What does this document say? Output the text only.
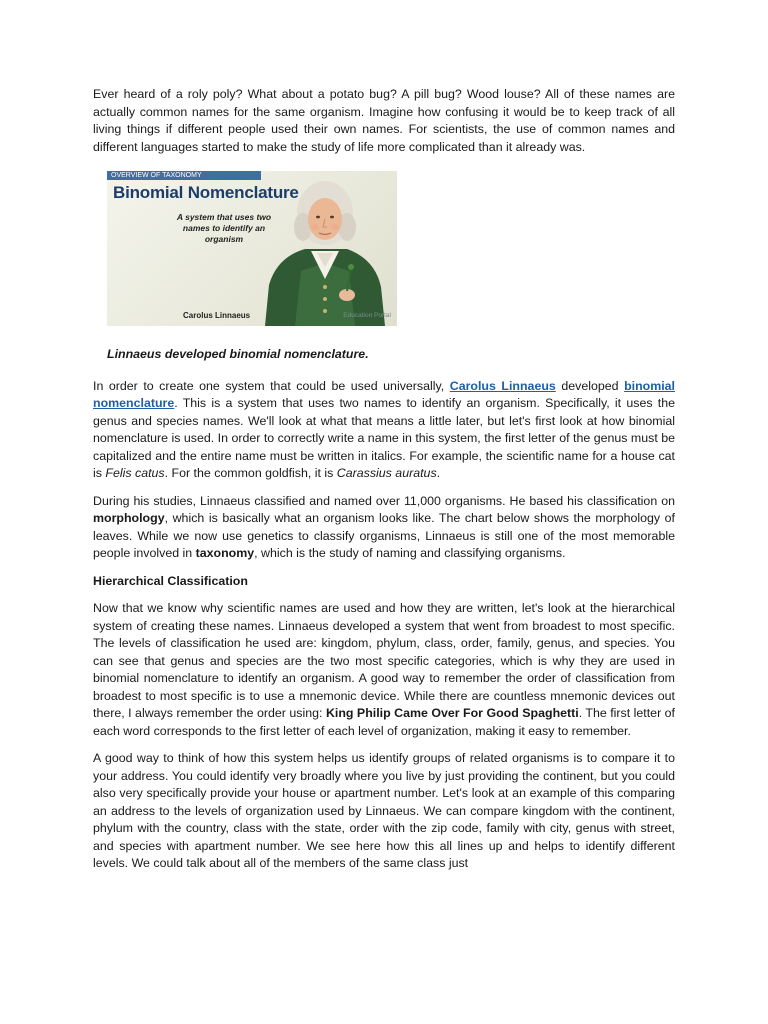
Ever heard of a roly poly? What about a potato bug? A pill bug? Wood louse? All of these names are actually common names for the same organism. Imagine how confusing it would be to keep track of all living things if different people used their own names. For scientists, the use of common names and different languages started to make the study of life more complicated than it already was.

OVERVIEW OF TAXONOMY
Binomial Nomenclature
A system that uses two names to identify an organism
Carolus Linnaeus	Education Portal
Linnaeus developed binomial nomenclature.

In order to create one system that could be used universally, Carolus Linnaeus developed binomial nomenclature. This is a system that uses two names to identify an organism. Specifically, it uses the genus and species names. We'll look at what that means a little later, but let's first look at how binomial nomenclature is used. In order to correctly write a name in this system, the first letter of the genus must be capitalized and the entire name must be written in italics. For example, the scientific name for a house cat is Felis catus. For the common goldfish, it is Carassius auratus.

During his studies, Linnaeus classified and named over 11,000 organisms. He based his classification on morphology, which is basically what an organism looks like. The chart below shows the morphology of leaves. While we now use genetics to classify organisms, Linnaeus is still one of the most memorable people involved in taxonomy, which is the study of naming and classifying organisms.

Hierarchical Classification

Now that we know why scientific names are used and how they are written, let's look at the hierarchical system of creating these names. Linnaeus developed a system that went from broadest to most specific. The levels of classification he used are: kingdom, phylum, class, order, family, genus, and species. You can see that genus and species are the two most specific categories, which is why they are used in binomial nomenclature to identify an organism. A good way to remember the order of classification from broadest to most specific is to use a mnemonic device. While there are countless mnemonic devices out there, I always remember the order using: King Philip Came Over For Good Spaghetti. The first letter of each word corresponds to the first letter of each level of organization, making it easy to remember.

A good way to think of how this system helps us identify groups of related organisms is to compare it to your address. You could identify very broadly where you live by just providing the continent, but you could also very specifically provide your house or apartment number. Let's look at an example of this comparing an address to the levels of organization used by Linnaeus. We can compare kingdom with the continent, phylum with the country, class with the state, order with the zip code, family with city, genus with street, and species with apartment number. We see here how this all lines up and helps to identify different levels. We could talk about all of the members of the same class just
